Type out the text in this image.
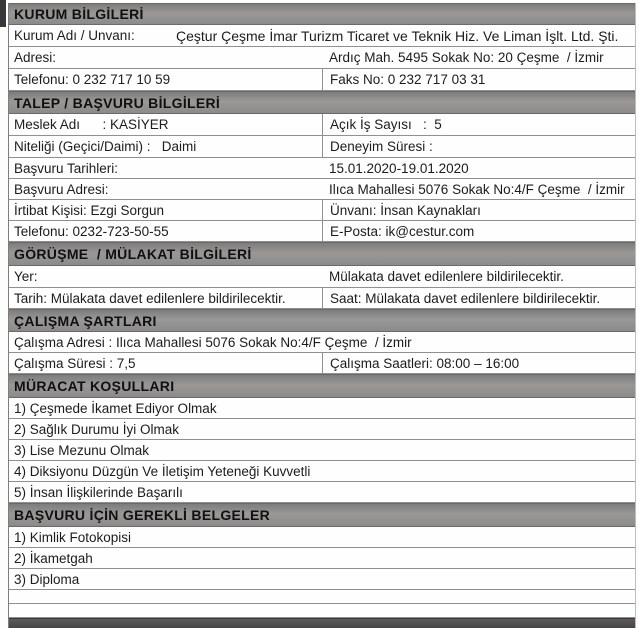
KURUM BİLGİLERİ
Kurum Adı / Unvanı:	Çeştur Çeşme İmar Turizm Ticaret ve Teknik Hiz. Ve Liman İşlt. Ltd. Şti.
Adresi:	Ardıç Mah. 5495 Sokak No: 20 Çeşme  / İzmir
Telefonu: 0 232 717 10 59	Faks No: 0 232 717 03 31
TALEP / BAŞVURU BİLGİLERİ
Meslek Adı      : KASİYER	Açık İş Sayısı   :  5
Niteliği (Geçici/Daimi) :   Daimi	Deneyim Süresi :
Başvuru Tarihleri:	15.01.2020-19.01.2020
Başvuru Adresi:	Ilıca Mahallesi 5076 Sokak No:4/F Çeşme  / İzmir
İrtibat Kişisi: Ezgi Sorgun	Ünvanı: İnsan Kaynakları
Telefonu: 0232-723-50-55	E-Posta: ik@cestur.com
GÖRÜŞME  / MÜLAKAT BİLGİLERİ
Yer:	Mülakata davet edilenlere bildirilecektir.
Tarih: Mülakata davet edilenlere bildirilecektir.	Saat: Mülakata davet edilenlere bildirilecektir.
ÇALIŞMA ŞARTLARI
Çalışma Adresi : Ilıca Mahallesi 5076 Sokak No:4/F Çeşme  / İzmir
Çalışma Süresi : 7,5	Çalışma Saatleri: 08:00 – 16:00
MÜRACAT KOŞULLARI
1) Çeşmede İkamet Ediyor Olmak
2) Sağlık Durumu İyi Olmak
3) Lise Mezunu Olmak
4) Diksiyonu Düzgün Ve İletişim Yeteneği Kuvvetli
5) İnsan İlişkilerinde Başarılı
BAŞVURU İÇİN GEREKLİ BELGELER
1) Kimlik Fotokopisi
2) İkametgah
3) Diploma
